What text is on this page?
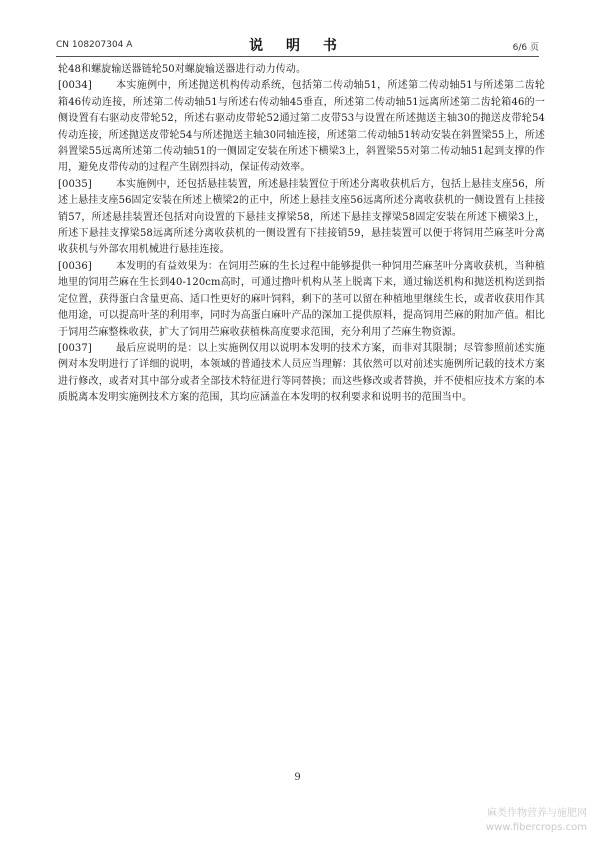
CN 108207304 A	说 明 书	6/6 页

轮48和螺旋输送器链轮50对螺旋输送器进行动力传动。

[0034] 本实施例中，所述抛送机构传动系统，包括第二传动轴51，所述第二传动轴51与所述第二齿轮箱46传动连接，所述第二传动轴51与所述右传动轴45垂直，所述第二传动轴51远离所述第二齿轮箱46的一侧设置有右驱动皮带轮52，所述右驱动皮带轮52通过第二皮带53与设置在所述抛送主轴30的抛送皮带轮54传动连接，所述抛送皮带轮54与所述抛送主轴30同轴连接，所述第二传动轴51转动安装在斜置梁55上，所述斜置梁55远离所述第二传动轴51的一侧固定安装在所述下横梁3上，斜置梁55对第二传动轴51起到支撑的作用，避免皮带传动的过程产生剧烈抖动，保证传动效率。

[0035] 本实施例中，还包括悬挂装置，所述悬挂装置位于所述分离收获机后方，包括上悬挂支座56，所述上悬挂支座56固定安装在所述上横梁2的正中，所述上悬挂支座56远离所述分离收获机的一侧设置有上挂接销57，所述悬挂装置还包括对向设置的下悬挂支撑梁58，所述下悬挂支撑梁58固定安装在所述下横梁3上，所述下悬挂支撑梁58远离所述分离收获机的一侧设置有下挂接销59，悬挂装置可以便于将饲用苎麻茎叶分离收获机与外部农用机械进行悬挂连接。

[0036] 本发明的有益效果为：在饲用苎麻的生长过程中能够提供一种饲用苎麻茎叶分离收获机，当种植地里的饲用苎麻在生长到40-120cm高时，可通过撸叶机构从茎上脱离下来，通过输送机构和抛送机构送到指定位置，获得蛋白含量更高、适口性更好的麻叶饲料，剩下的茎可以留在种植地里继续生长，或者收获用作其他用途，可以提高叶茎的利用率，同时为高蛋白麻叶产品的深加工提供原料，提高饲用苎麻的附加产值。相比于饲用苎麻整株收获，扩大了饲用苎麻收获植株高度要求范围，充分利用了苎麻生物资源。

[0037] 最后应说明的是：以上实施例仅用以说明本发明的技术方案，而非对其限制；尽管参照前述实施例对本发明进行了详细的说明，本领域的普通技术人员应当理解：其依然可以对前述实施例所记载的技术方案进行修改，或者对其中部分或者全部技术特征进行等同替换；而这些修改或者替换，并不使相应技术方案的本质脱离本发明实施例技术方案的范围，其均应涵盖在本发明的权利要求和说明书的范围当中。

9
麻类作物营养与施肥网
www.fibercrops.com
